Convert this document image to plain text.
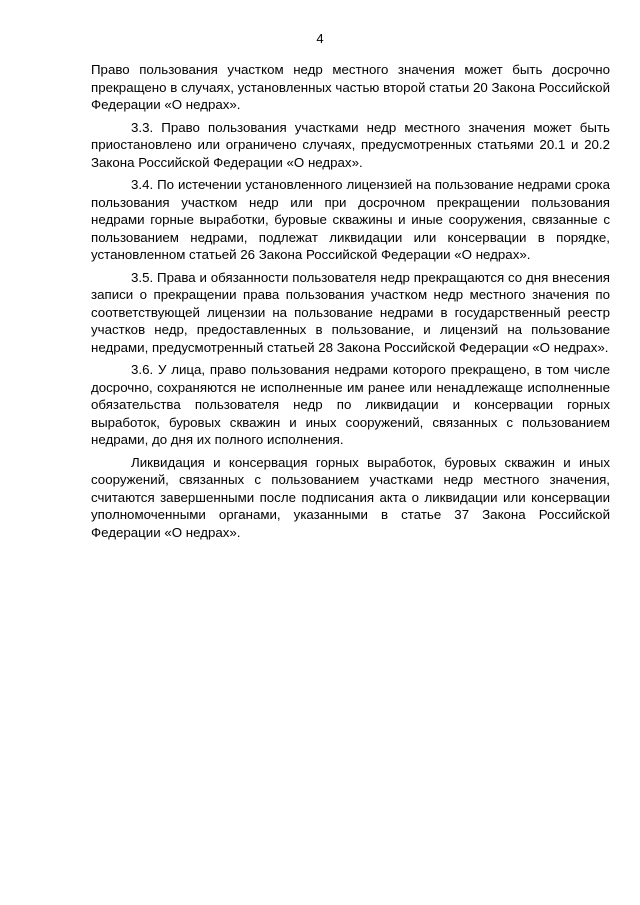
4

Право пользования участком недр местного значения может быть досрочно прекращено в случаях, установленных частью второй статьи 20 Закона Российской Федерации «О недрах».

3.3. Право пользования участками недр местного значения может быть приостановлено или ограничено случаях, предусмотренных статьями 20.1 и 20.2 Закона Российской Федерации «О недрах».

3.4. По истечении установленного лицензией на пользование недрами срока пользования участком недр или при досрочном прекращении пользования недрами горные выработки, буровые скважины и иные сооружения, связанные с пользованием недрами, подлежат ликвидации или консервации в порядке, установленном статьей 26 Закона Российской Федерации «О недрах».

3.5. Права и обязанности пользователя недр прекращаются со дня внесения записи о прекращении права пользования участком недр местного значения по соответствующей лицензии на пользование недрами в государственный реестр участков недр, предоставленных в пользование, и лицензий на пользование недрами, предусмотренный статьей 28 Закона Российской Федерации «О недрах».

3.6. У лица, право пользования недрами которого прекращено, в том числе досрочно, сохраняются не исполненные им ранее или ненадлежаще исполненные обязательства пользователя недр по ликвидации и консервации горных выработок, буровых скважин и иных сооружений, связанных с пользованием недрами, до дня их полного исполнения.

Ликвидация и консервация горных выработок, буровых скважин и иных сооружений, связанных с пользованием участками недр местного значения, считаются завершенными после подписания акта о ликвидации или консервации уполномоченными органами, указанными в статье 37 Закона Российской Федерации «О недрах».
